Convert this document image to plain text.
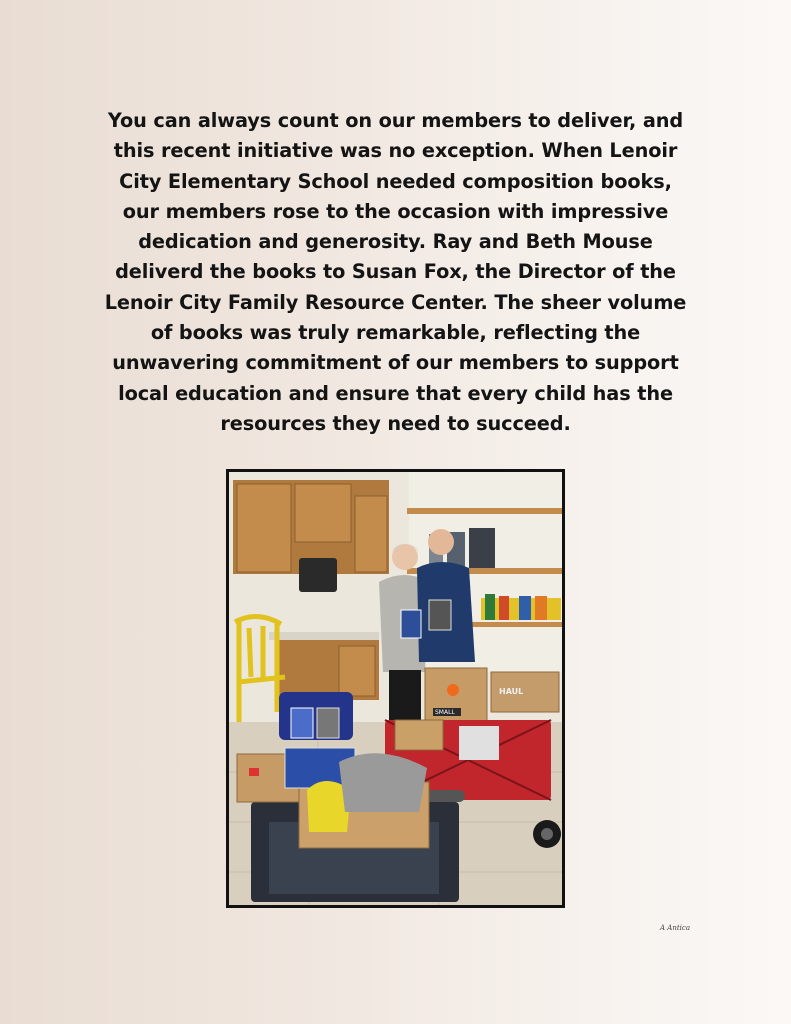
You can always count on our members to deliver, and this recent initiative was no exception. When Lenoir City Elementary School needed composition books, our members rose to the occasion with impressive dedication and generosity. Ray and Beth Mouse deliverd the books to Susan Fox, the Director of the Lenoir City Family Resource Center. The sheer volume of books was truly remarkable, reflecting the unwavering commitment of our members to support local education and ensure that every child has the resources they need to succeed.

SMALL
HAUL
A Antica
